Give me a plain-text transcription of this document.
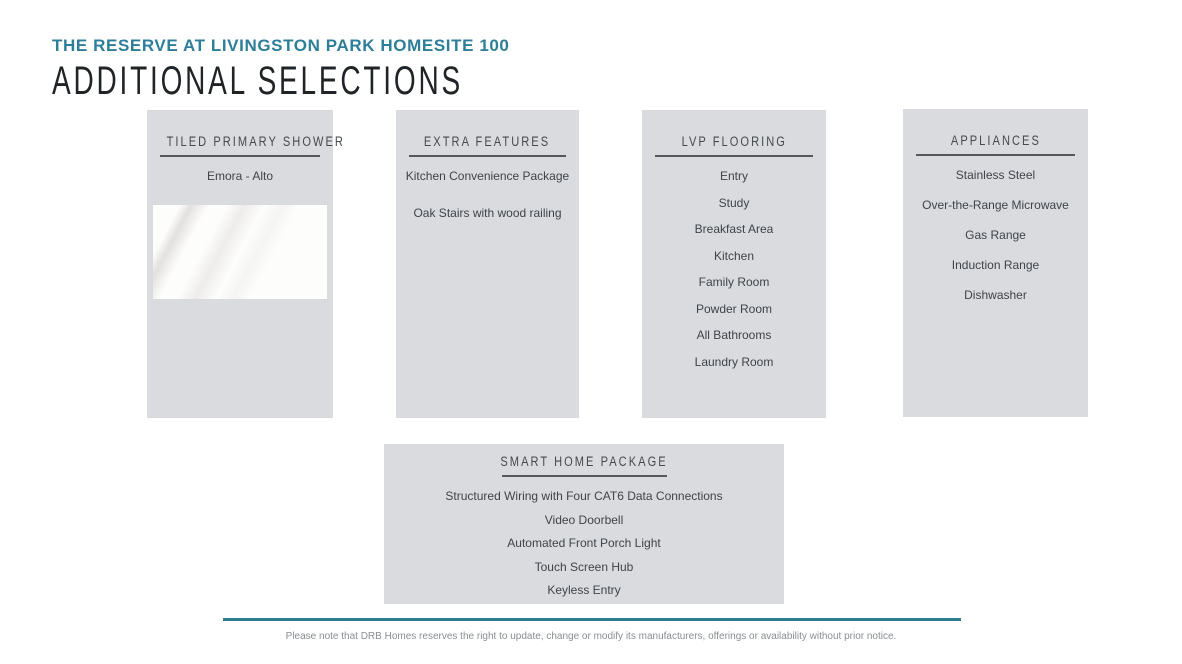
THE RESERVE AT LIVINGSTON PARK HOMESITE 100
ADDITIONAL SELECTIONS
TILED PRIMARY SHOWER
Emora - Alto
EXTRA FEATURES
Kitchen Convenience Package
Oak Stairs with wood railing
LVP FLOORING
Entry
Study
Breakfast Area
Kitchen
Family Room
Powder Room
All Bathrooms
Laundry Room
APPLIANCES
Stainless Steel
Over-the-Range Microwave
Gas Range
Induction Range
Dishwasher
SMART HOME PACKAGE
Structured Wiring with Four CAT6 Data Connections
Video Doorbell
Automated Front Porch Light
Touch Screen Hub
Keyless Entry
Please note that DRB Homes reserves the right to update, change or modify its manufacturers, offerings or availability without prior notice.
